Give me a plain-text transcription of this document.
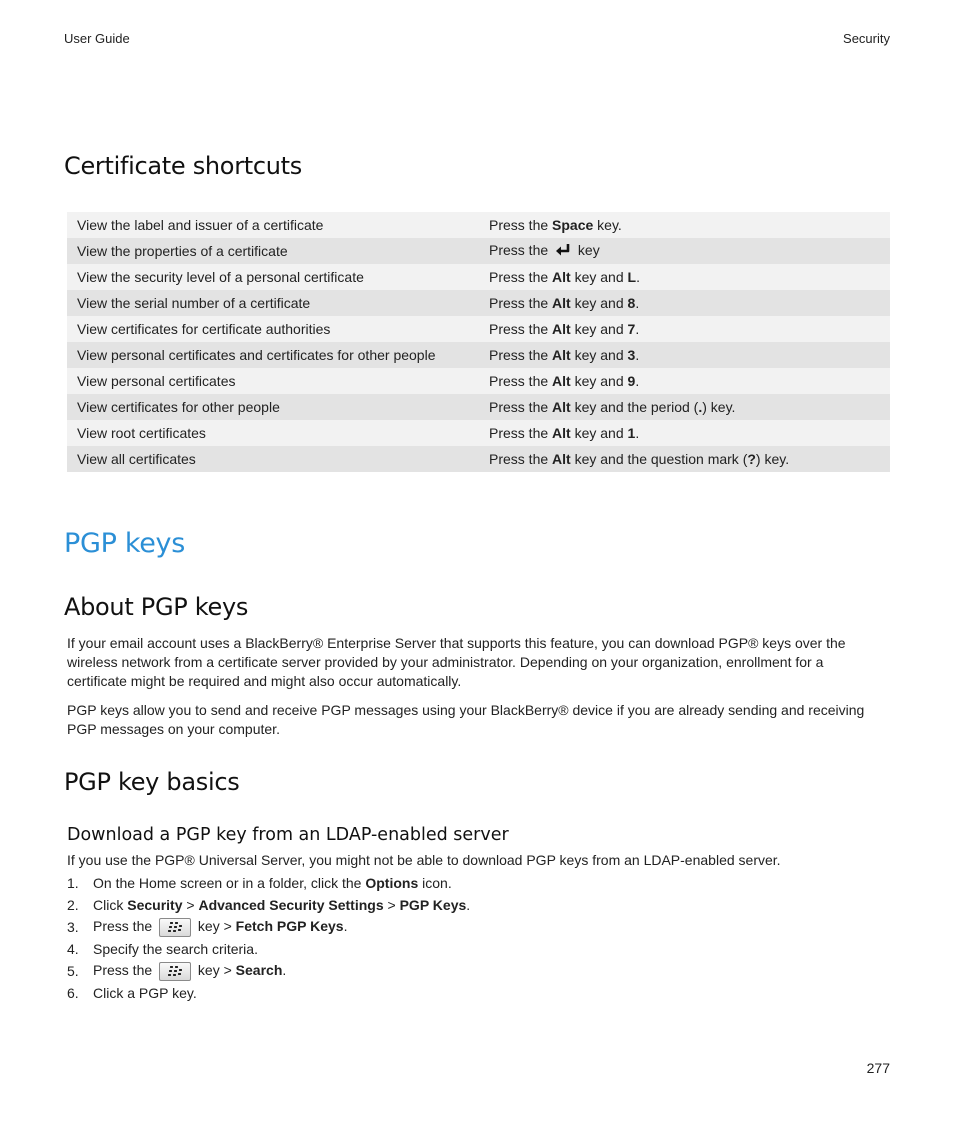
User Guide	Security
Certificate shortcuts
View the label and issuer of a certificate	Press the Space key.
View the properties of a certificate	Press the  key
View the security level of a personal certificate	Press the Alt key and L.
View the serial number of a certificate	Press the Alt key and 8.
View certificates for certificate authorities	Press the Alt key and 7.
View personal certificates and certificates for other people	Press the Alt key and 3.
View personal certificates	Press the Alt key and 9.
View certificates for other people	Press the Alt key and the period (.) key.
View root certificates	Press the Alt key and 1.
View all certificates	Press the Alt key and the question mark (?) key.
PGP keys
About PGP keys

If your email account uses a BlackBerry® Enterprise Server that supports this feature, you can download PGP® keys over the wireless network from a certificate server provided by your administrator. Depending on your organization, enrollment for a certificate might be required and might also occur automatically.

PGP keys allow you to send and receive PGP messages using your BlackBerry® device if you are already sending and receiving PGP messages on your computer.

PGP key basics
Download a PGP key from an LDAP-enabled server

If you use the PGP® Universal Server, you might not be able to download PGP keys from an LDAP-enabled server.

1.	On the Home screen or in a folder, click the Options icon.
2.	Click Security > Advanced Security Settings > PGP Keys.
3.	Press the	key > Fetch PGP Keys.
4.	Specify the search criteria.
5.	Press the	key > Search.
6.	Click a PGP key.
277
